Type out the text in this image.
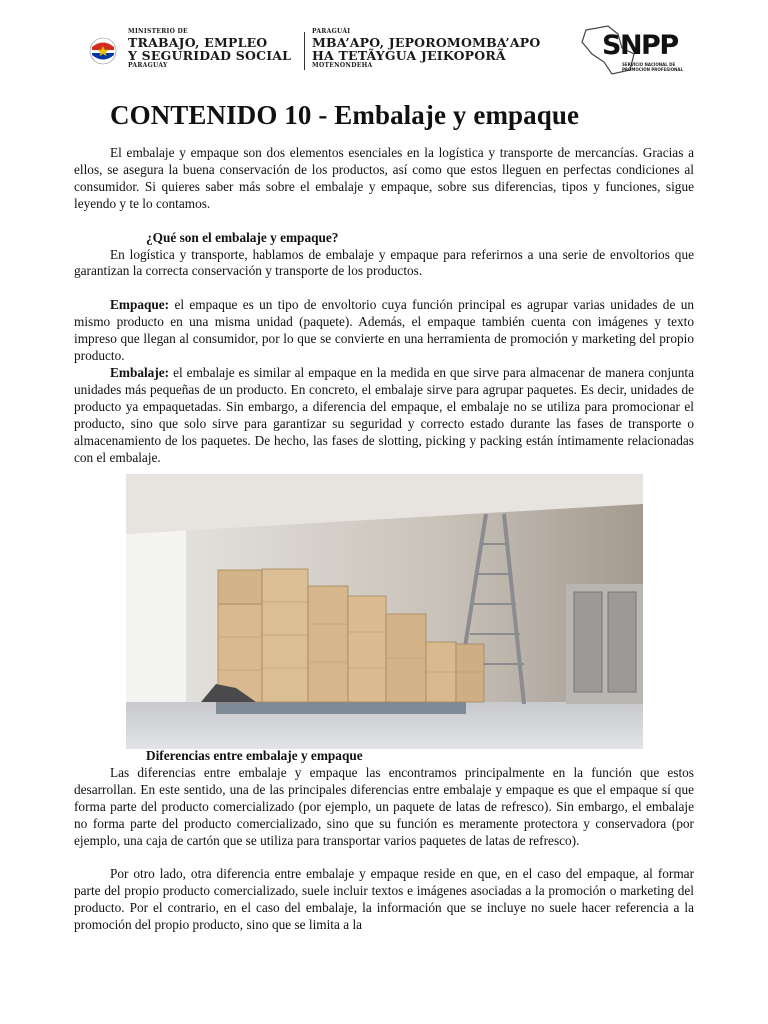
MINISTERIO DE
TRABAJO, EMPLEO
Y SEGURIDAD SOCIAL
PARAGUAY
PARAGUÁI
MBA’APO, JEPOROMOMBA’APO
HA TETÃYGUA JEIKOPORÃ
MOTENONDEHA
SNPP
SERVICIO NACIONAL DE PROMOCIÓN PROFESIONAL
CONTENIDO 10 - Embalaje y empaque

El embalaje y empaque son dos elementos esenciales en la logística y transporte de mercancías. Gracias a ellos, se asegura la buena conservación de los productos, así como que estos lleguen en perfectas condiciones al consumidor. Si quieres saber más sobre el embalaje y empaque, sobre sus diferencias, tipos y funciones, sigue leyendo y te lo contamos.

¿Qué son el embalaje y empaque?

En logística y transporte, hablamos de embalaje y empaque para referirnos a una serie de envoltorios que garantizan la correcta conservación y transporte de los productos.

Empaque: el empaque es un tipo de envoltorio cuya función principal es agrupar varias unidades de un mismo producto en una misma unidad (paquete). Además, el empaque también cuenta con imágenes y texto impreso que llegan al consumidor, por lo que se convierte en una herramienta de promoción y marketing del propio producto.

Embalaje: el embalaje es similar al empaque en la medida en que sirve para almacenar de manera conjunta unidades más pequeñas de un producto. En concreto, el embalaje sirve para agrupar paquetes. Es decir, unidades de producto ya empaquetadas. Sin embargo, a diferencia del empaque, el embalaje no se utiliza para promocionar el producto, sino que solo sirve para garantizar su seguridad y correcto estado durante las fases de transporte o almacenamiento de los paquetes. De hecho, las fases de slotting, picking y packing están íntimamente relacionadas con el embalaje.

Diferencias entre embalaje y empaque

Las diferencias entre embalaje y empaque las encontramos principalmente en la función que estos desarrollan. En este sentido, una de las principales diferencias entre embalaje y empaque es que el empaque sí que forma parte del producto comercializado (por ejemplo, un paquete de latas de refresco). Sin embargo, el embalaje no forma parte del producto comercializado, sino que su función es meramente protectora y conservadora (por ejemplo, una caja de cartón que se utiliza para transportar varios paquetes de latas de refresco).

Por otro lado, otra diferencia entre embalaje y empaque reside en que, en el caso del empaque, al formar parte del propio producto comercializado, suele incluir textos e imágenes asociadas a la promoción o marketing del producto. Por el contrario, en el caso del embalaje, la información que se incluye no suele hacer referencia a la promoción del propio producto, sino que se limita a la
